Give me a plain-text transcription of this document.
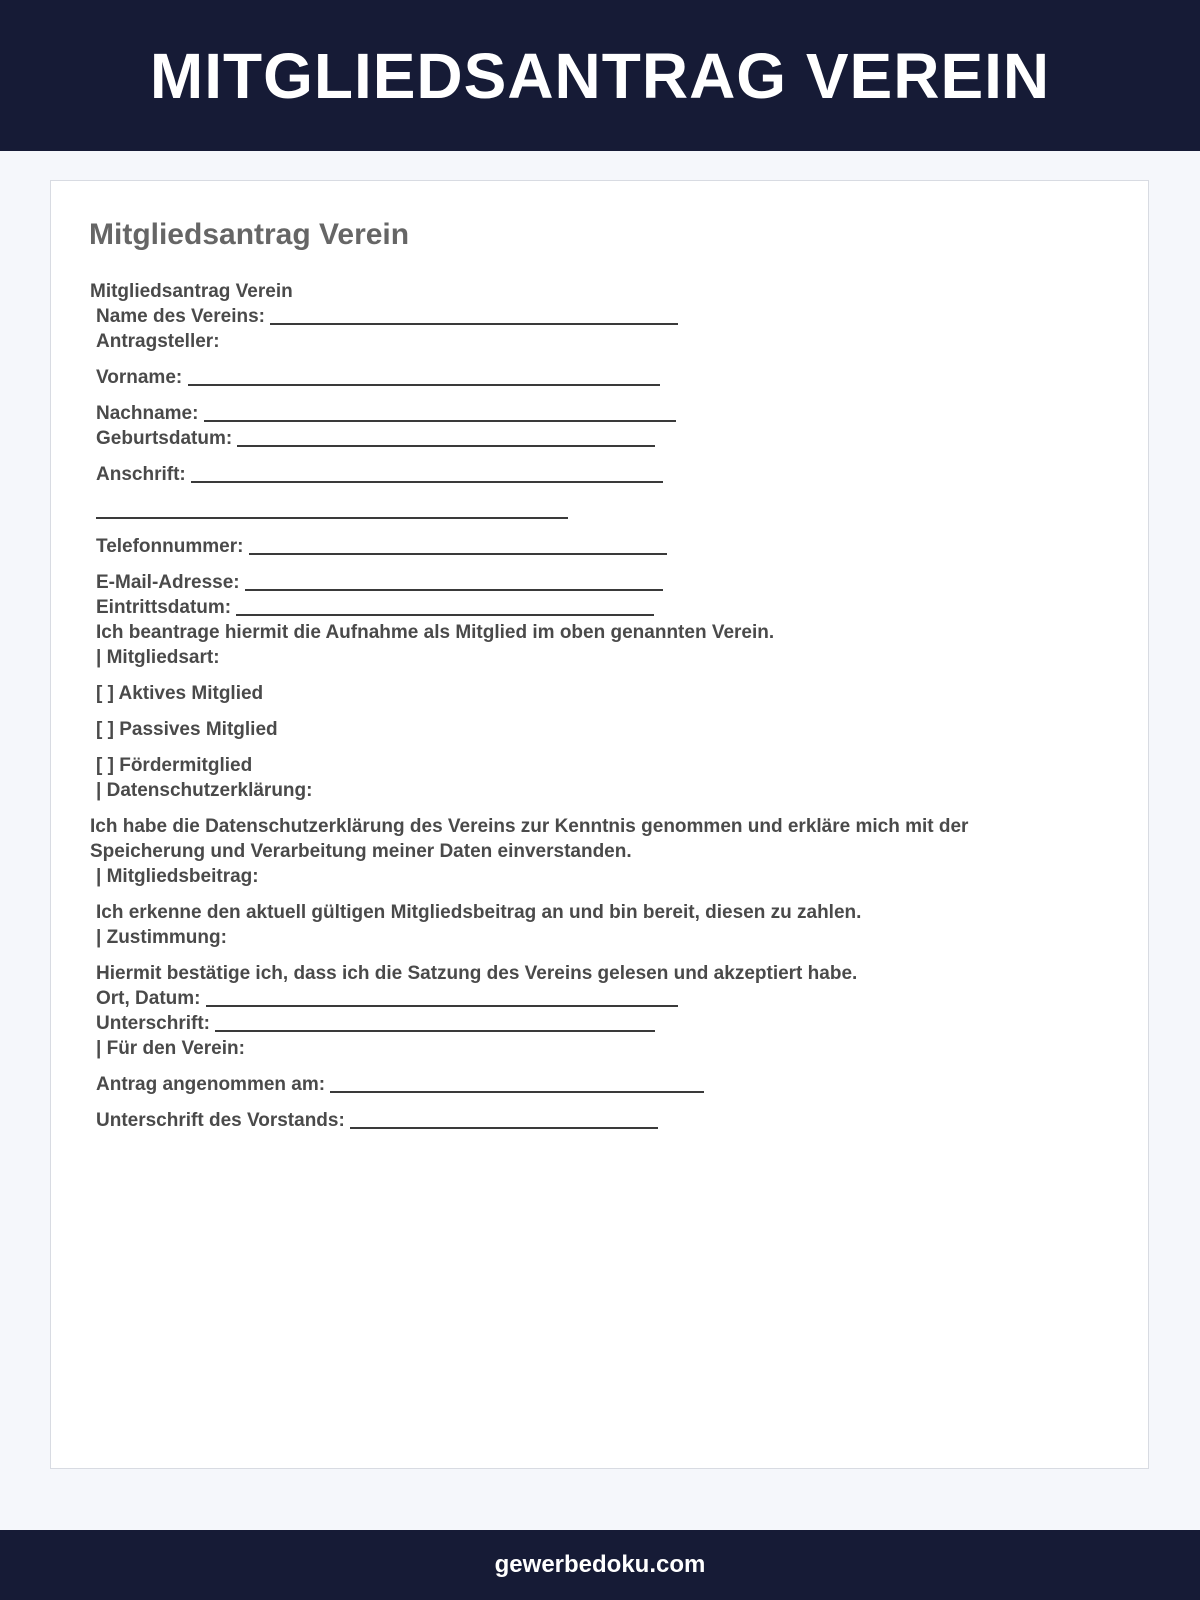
MITGLIEDSANTRAG VEREIN
Mitgliedsantrag Verein
Mitgliedsantrag Verein
Name des Vereins:
Antragsteller:
Vorname:
Nachname:
Geburtsdatum:
Anschrift:
Telefonnummer:
E-Mail-Adresse:
Eintrittsdatum:
Ich beantrage hiermit die Aufnahme als Mitglied im oben genannten Verein.
| Mitgliedsart:
[ ] Aktives Mitglied
[ ] Passives Mitglied
[ ] Fördermitglied
| Datenschutzerklärung:
Ich habe die Datenschutzerklärung des Vereins zur Kenntnis genommen und erkläre mich mit der Speicherung und Verarbeitung meiner Daten einverstanden.
| Mitgliedsbeitrag:
Ich erkenne den aktuell gültigen Mitgliedsbeitrag an und bin bereit, diesen zu zahlen.
| Zustimmung:
Hiermit bestätige ich, dass ich die Satzung des Vereins gelesen und akzeptiert habe.
Ort, Datum:
Unterschrift:
| Für den Verein:
Antrag angenommen am:
Unterschrift des Vorstands:
gewerbedoku.com
